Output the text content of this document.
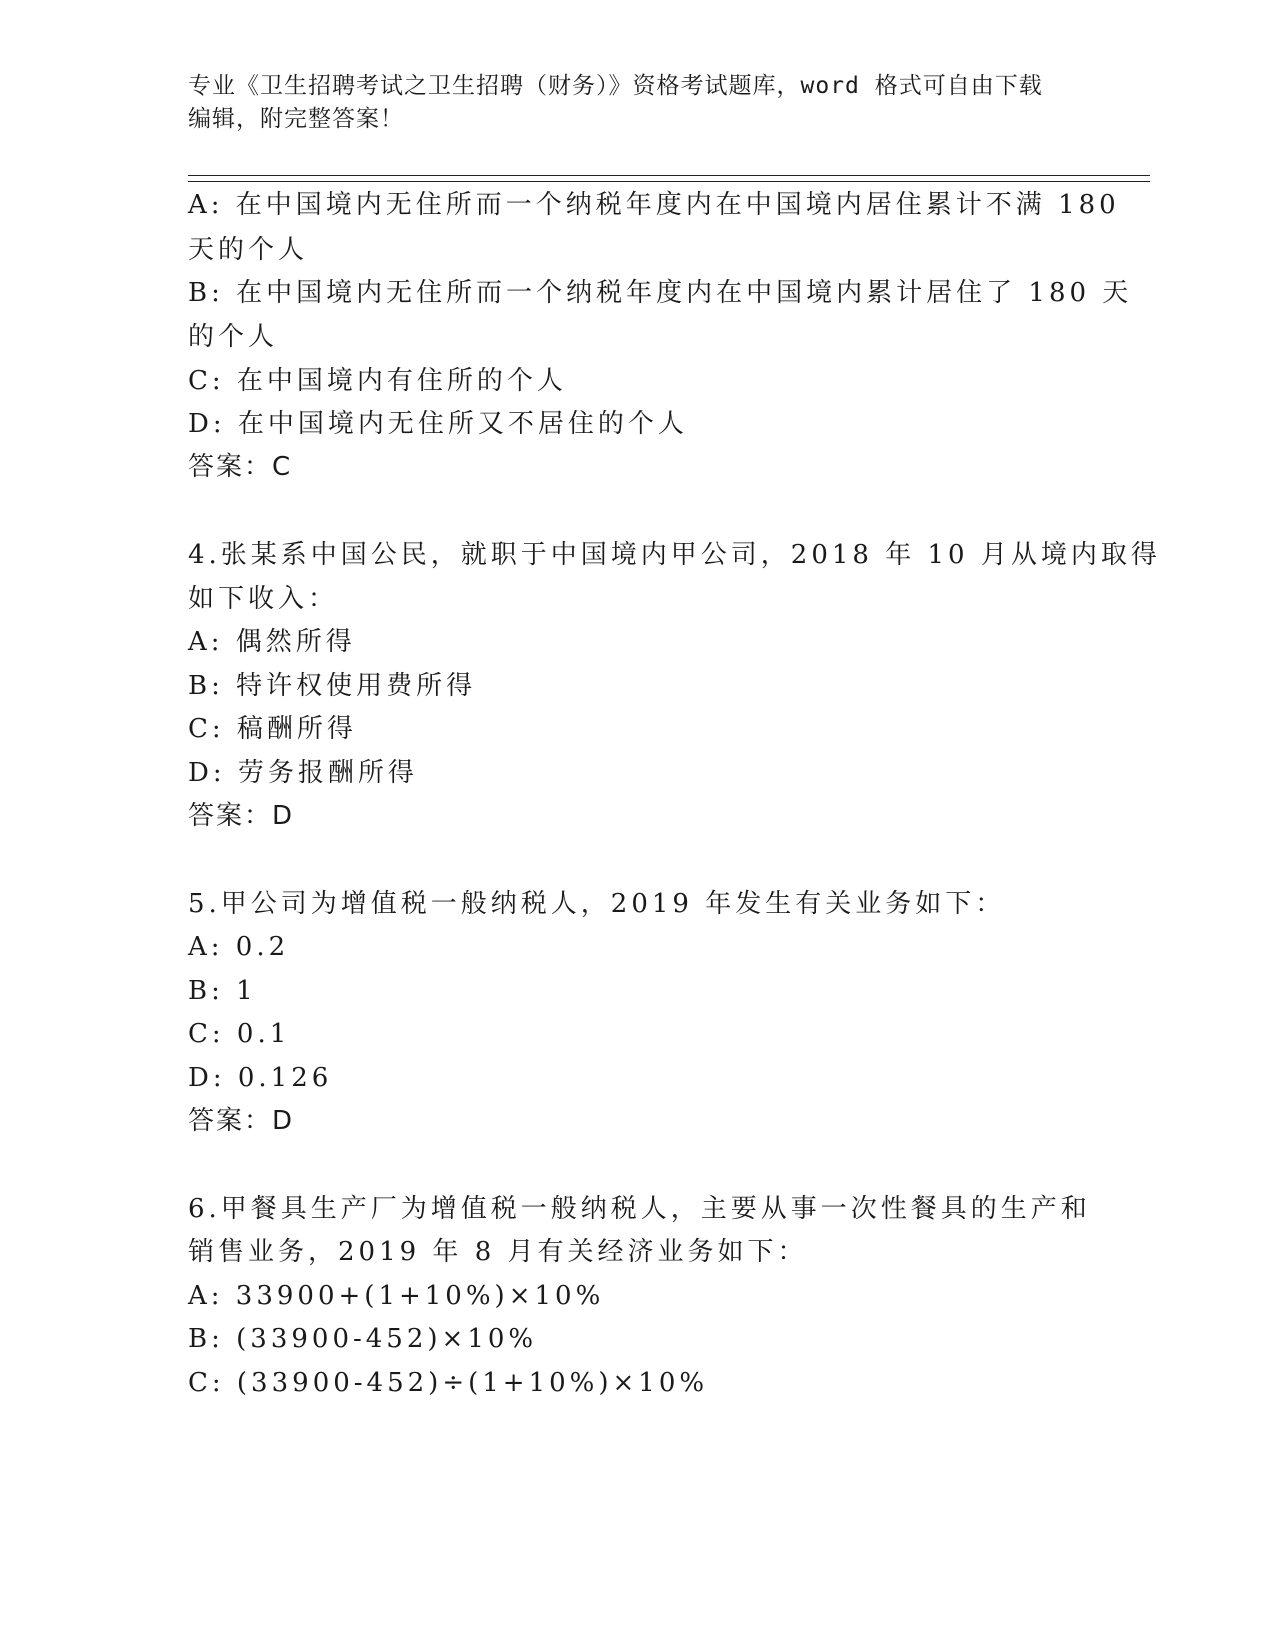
专业《卫生招聘考试之卫生招聘（财务）》资格考试题库，word 格式可自由下载
编辑，附完整答案！
A: 在中国境内无住所而一个纳税年度内在中国境内居住累计不满 180
天的个人
B: 在中国境内无住所而一个纳税年度内在中国境内累计居住了 180 天
的个人
C: 在中国境内有住所的个人
D: 在中国境内无住所又不居住的个人
答案：C
4.张某系中国公民，就职于中国境内甲公司，2018 年 10 月从境内取得
如下收入：
A: 偶然所得
B: 特许权使用费所得
C: 稿酬所得
D: 劳务报酬所得
答案：D
5.甲公司为增值税一般纳税人，2019 年发生有关业务如下：
A: 0.2
B: 1
C: 0.1
D: 0.126
答案：D
6.甲餐具生产厂为增值税一般纳税人，主要从事一次性餐具的生产和
销售业务，2019 年 8 月有关经济业务如下：
A: 33900+(1+10%)×10%
B: (33900-452)×10%
C: (33900-452)÷(1+10%)×10%
